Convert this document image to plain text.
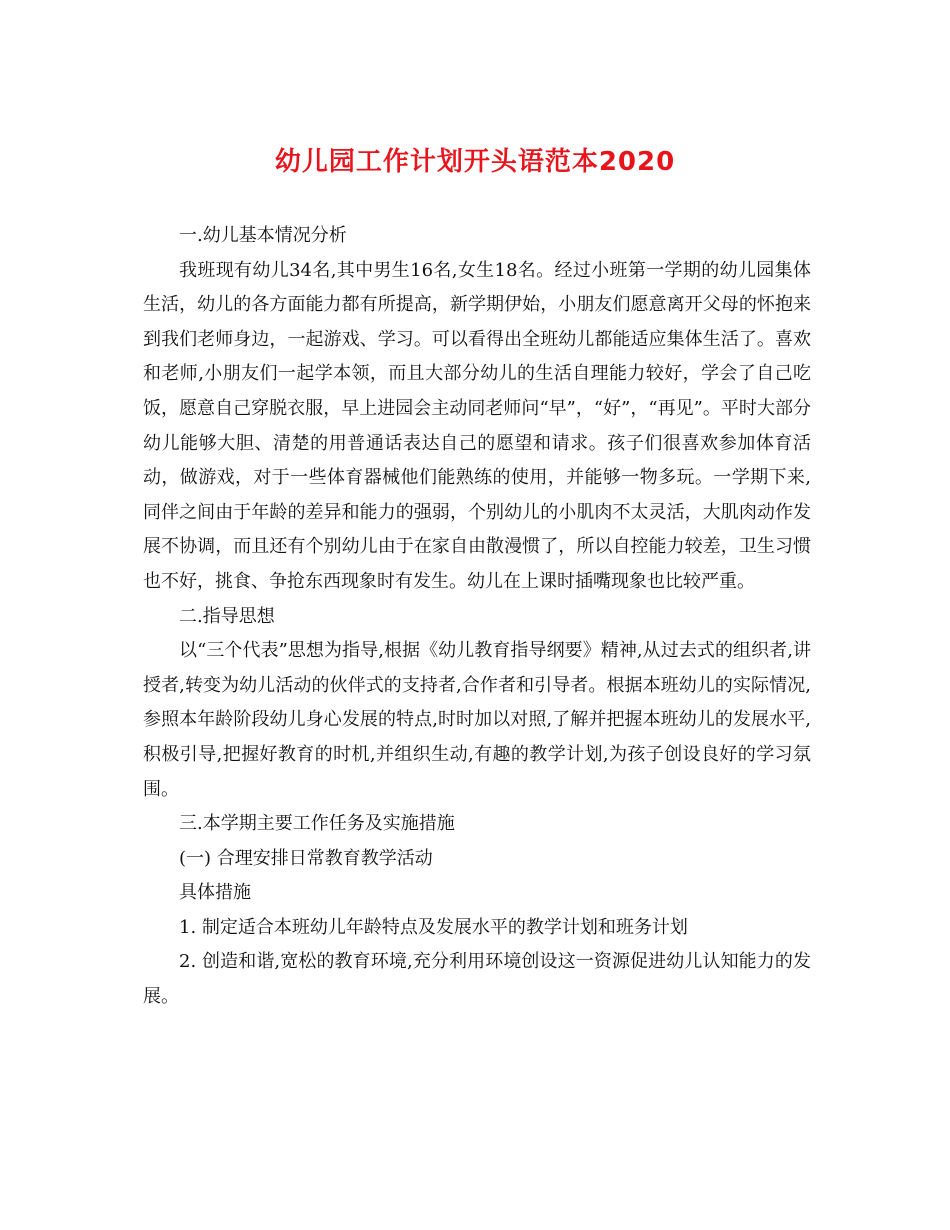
幼儿园工作计划开头语范本2020

一.幼儿基本情况分析

我班现有幼儿34名,其中男生16名,女生18名。经过小班第一学期的幼儿园集体生活，幼儿的各方面能力都有所提高，新学期伊始，小朋友们愿意离开父母的怀抱来到我们老师身边，一起游戏、学习。可以看得出全班幼儿都能适应集体生活了。喜欢和老师,小朋友们一起学本领，而且大部分幼儿的生活自理能力较好，学会了自己吃饭，愿意自己穿脱衣服，早上进园会主动同老师问“早”，“好”，“再见”。平时大部分幼儿能够大胆、清楚的用普通话表达自己的愿望和请求。孩子们很喜欢参加体育活动，做游戏，对于一些体育器械他们能熟练的使用，并能够一物多玩。一学期下来,同伴之间由于年龄的差异和能力的强弱，个别幼儿的小肌肉不太灵活，大肌肉动作发展不协调，而且还有个别幼儿由于在家自由散漫惯了，所以自控能力较差，卫生习惯也不好，挑食、争抢东西现象时有发生。幼儿在上课时插嘴现象也比较严重。

二.指导思想

以“三个代表”思想为指导,根据《幼儿教育指导纲要》精神,从过去式的组织者,讲授者,转变为幼儿活动的伙伴式的支持者,合作者和引导者。根据本班幼儿的实际情况,参照本年龄阶段幼儿身心发展的特点,时时加以对照,了解并把握本班幼儿的发展水平,积极引导,把握好教育的时机,并组织生动,有趣的教学计划,为孩子创设良好的学习氛围。

三.本学期主要工作任务及实施措施

(一) 合理安排日常教育教学活动

具体措施

1. 制定适合本班幼儿年龄特点及发展水平的教学计划和班务计划

2. 创造和谐,宽松的教育环境,充分利用环境创设这一资源促进幼儿认知能力的发展。
